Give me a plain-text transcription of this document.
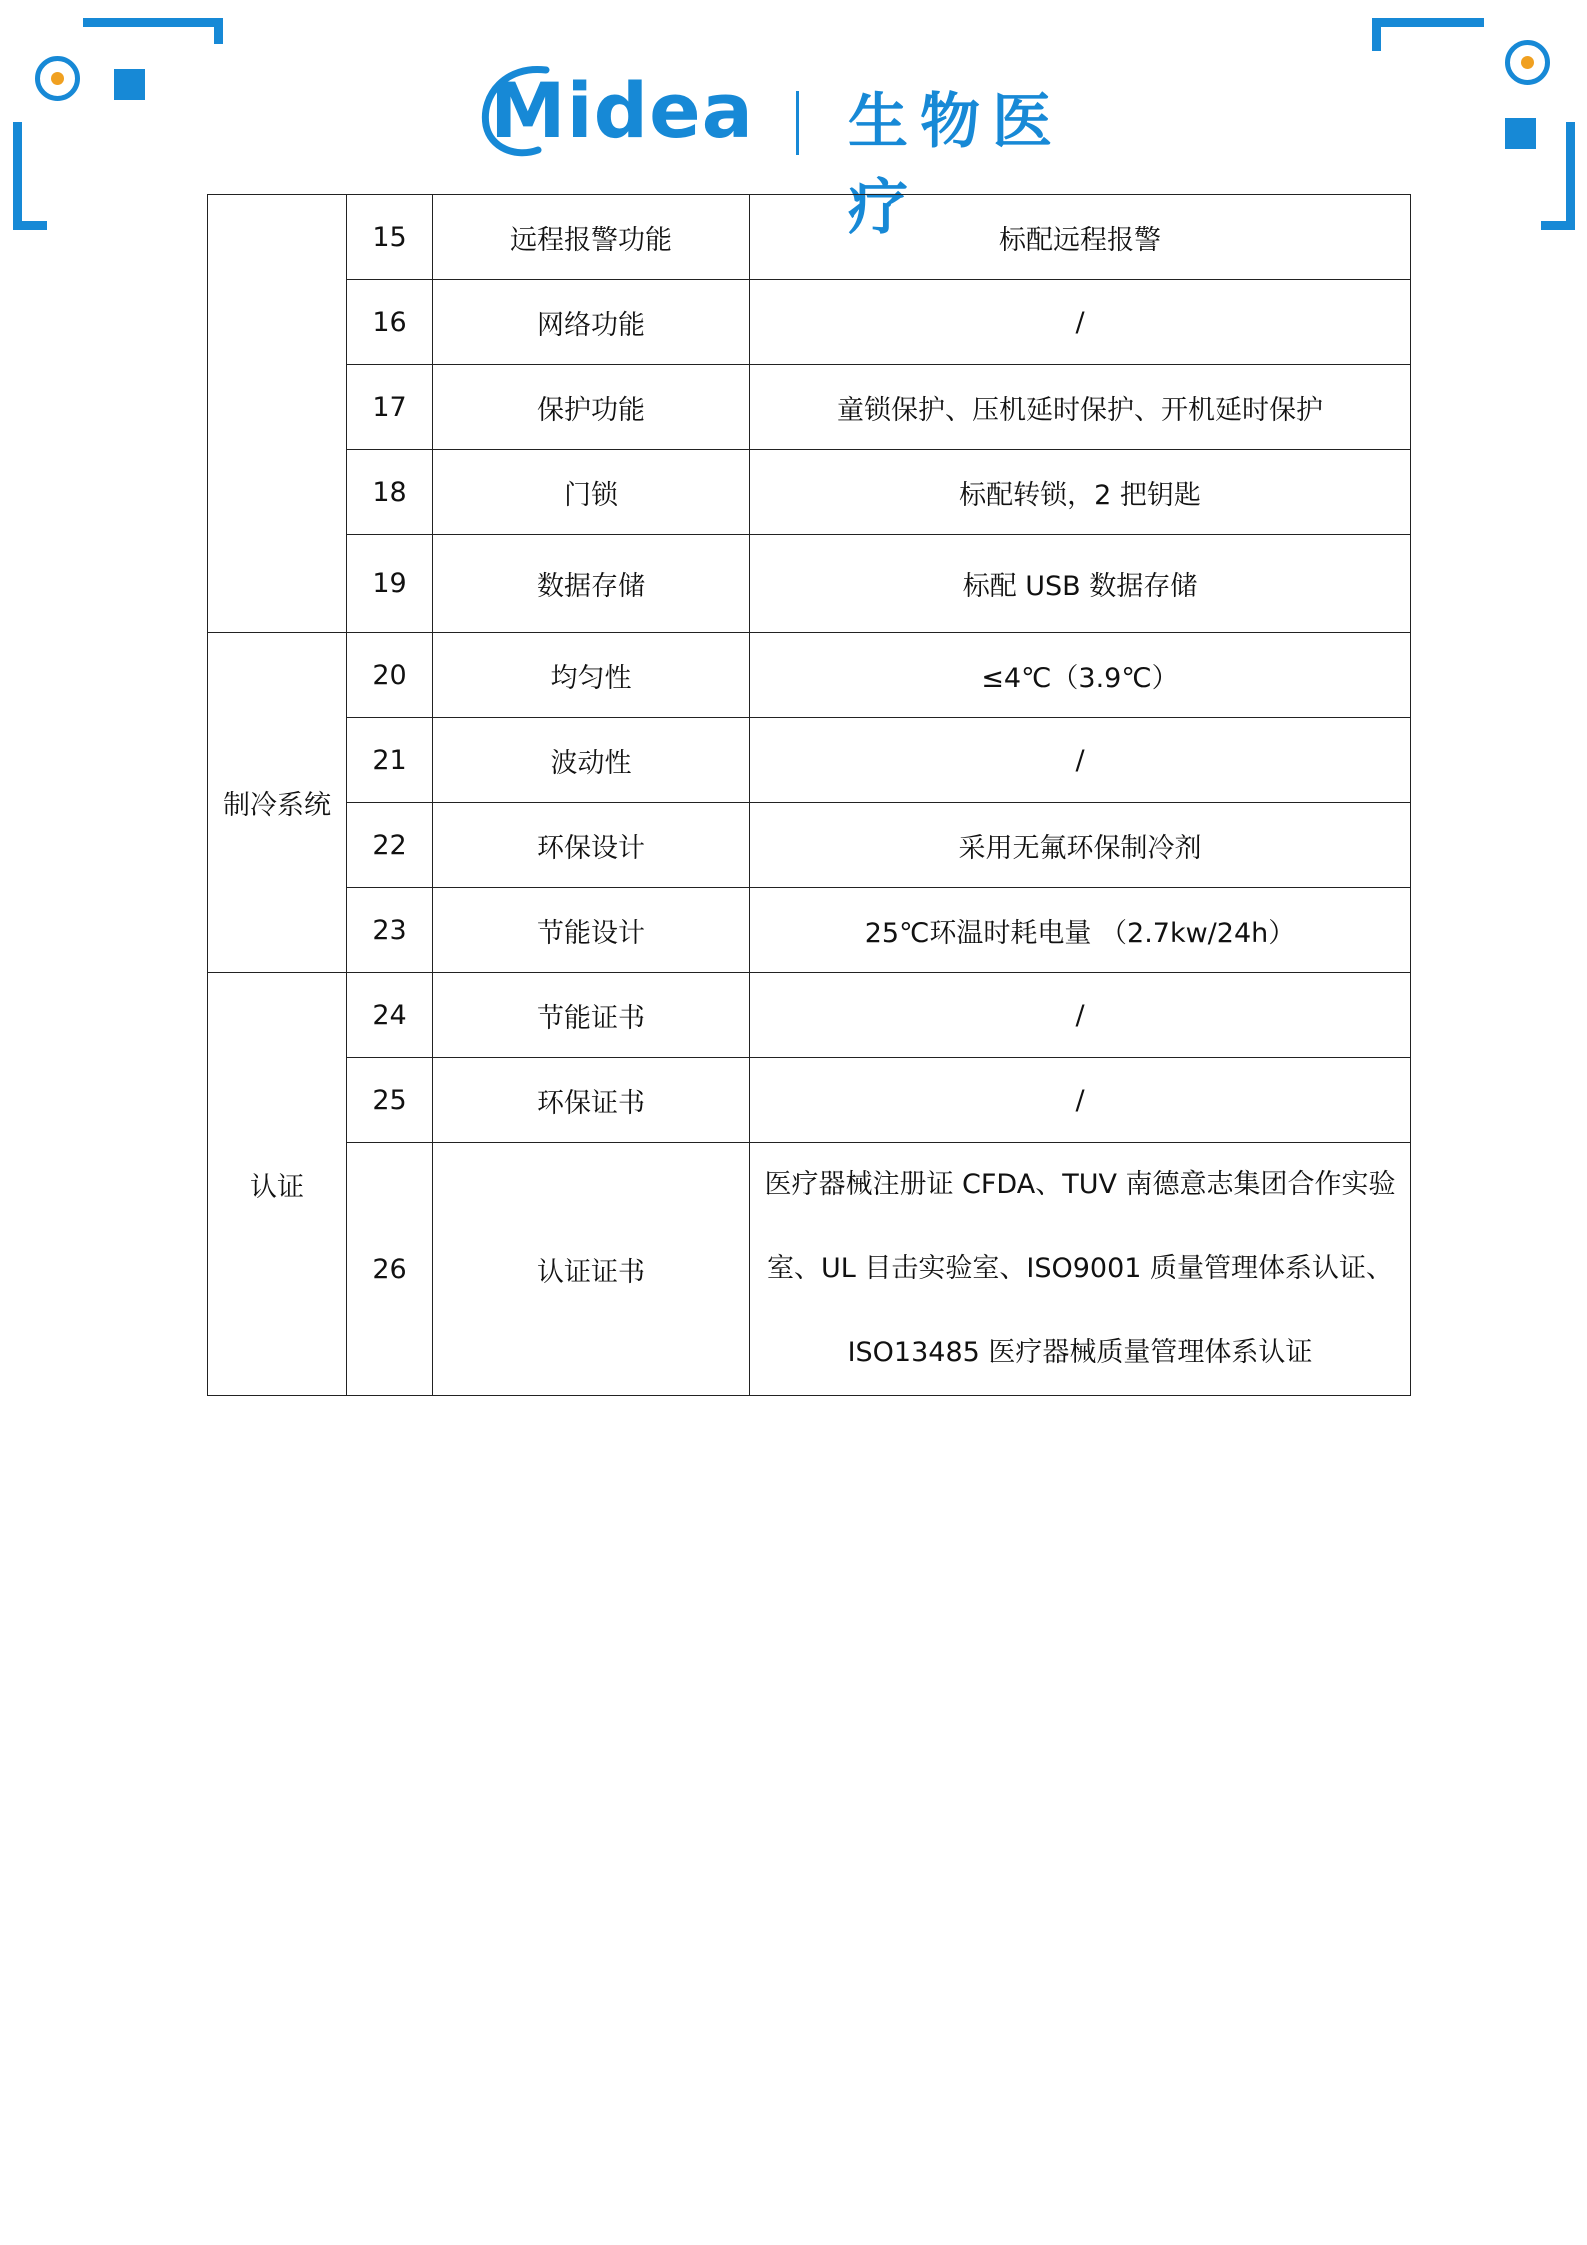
Midea 生物医疗
	15	远程报警功能	标配远程报警
	16	网络功能	/
	17	保护功能	童锁保护、压机延时保护、开机延时保护
	18	门锁	标配转锁，2 把钥匙
	19	数据存储	标配 USB 数据存储
制冷系统	20	均匀性	≤4℃（3.9℃）
	21	波动性	/
	22	环保设计	采用无氟环保制冷剂
	23	节能设计	25℃环温时耗电量 （2.7kw/24h）
认证	24	节能证书	/
	25	环保证书	/
	26	认证证书	医疗器械注册证 CFDA、TUV 南德意志集团合作实验
室、UL 目击实验室、ISO9001 质量管理体系认证、
ISO13485 医疗器械质量管理体系认证
